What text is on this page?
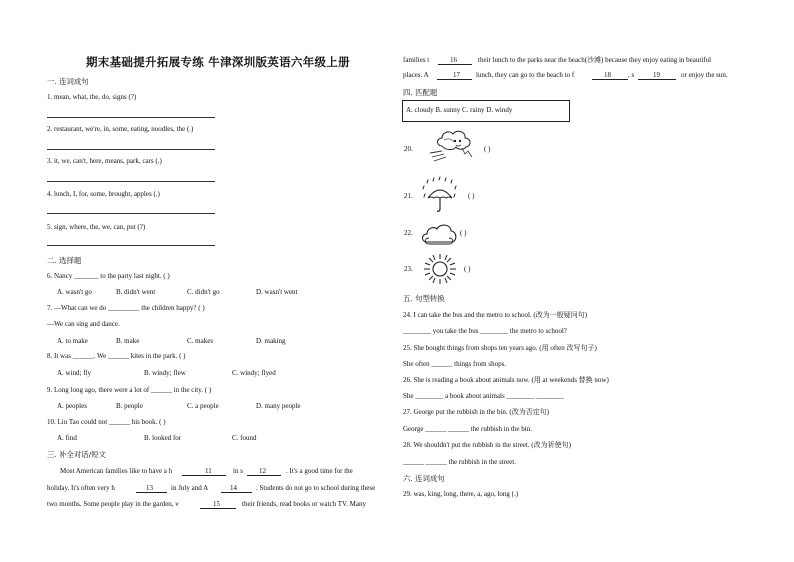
期末基础提升拓展专练 牛津深圳版英语六年级上册
一. 连词成句
1. mean, what, the, do, signs (?)
2. restaurant, we're, in, some, eating, noodles, the (.)
3. it, we, can't, here, means, park, cars (.)
4. lunch, I, for, some, brought, apples (.)
5. sign, where, the, we, can, put (?)
二. 选择题
6. Nancy _______ to the party last night. ( )
A. wasn't go	B. didn't went	C. didn't go	D. wasn't went
7. —What can we do _________ the children happy? ( )
—We can sing and dance.
A. to make	B. make	C. makes	D. making
8. It was ______. We ______ kites in the park. ( )
A. wind; fly	B. windy; flew	C. windy; flyed
9. Long long ago, there were a lot of ______ in the city. ( )
A. peoples	B. people	C. a people	D. many people
10. Liu Tao could not ______ his book. ( )
A. find	B. looked for	C. found
三. 补全对话/短文
Most American families like to have a h	11	in s 12	. It's a good time for the
holiday. It's often very h	13	in July and A	14	. Students do not go to school during these
two months. Some people play in the garden, v	15	their friends, read books or watch TV. Many
families t	16	their lunch to the parks near the beach(沙滩) because they enjoy eating in beautiful
places. A	17 lunch, they can go to the beach to f	18 , s	19	or enjoy the sun.
四. 匹配题
A. cloudy B. sunny C. rainy D. windy
20.	( )
21.	( )
22.	( )
23.	( )
五. 句型转换
24. I can take the bus and the metro to school. (改为一般疑问句)
________ you take the bus ________ the metro to school?
25. She bought things from shops ten years ago. (用 often 改写句子)
She often ______ things from shops.
26. She is reading a book about animals now. (用 at weekends 替换 now)
She ________ a book about animals ________ ________
27. George put the rubbish in the bin. (改为否定句)
George ______ ______ the rubbish in the bin.
28. We shouldn't put the rubbish in the street. (改为祈使句)
______ ______ the rubbish in the street.
六. 连词成句
29. was, king, long, there, a, ago, long (.)
